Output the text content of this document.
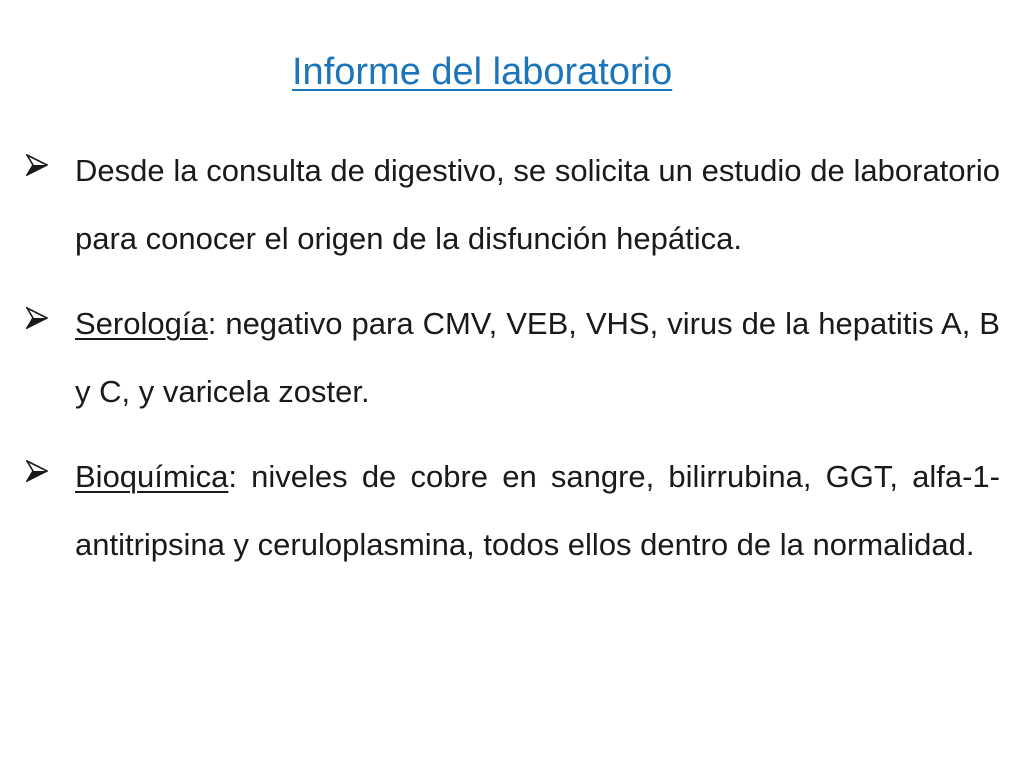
Informe del laboratorio
Desde la consulta de digestivo, se solicita un estudio de laboratorio para conocer el origen de la disfunción hepática.
Serología: negativo para CMV, VEB, VHS, virus de la hepatitis A, B y C, y varicela zoster.
Bioquímica: niveles de cobre en sangre, bilirrubina, GGT, alfa-1-antitripsina y ceruloplasmina, todos ellos dentro de la normalidad.
